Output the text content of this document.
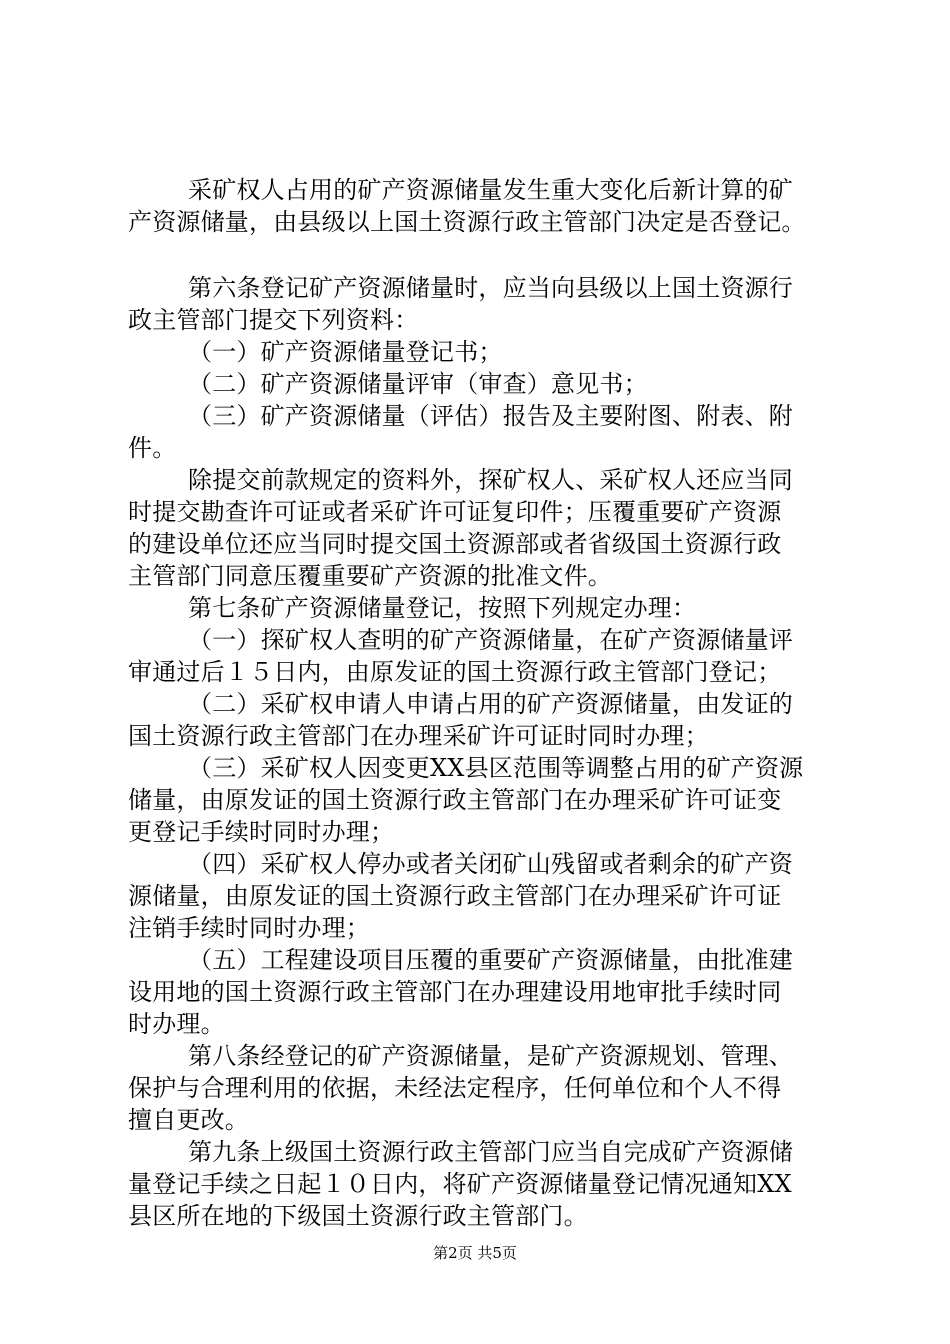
采矿权人占用的矿产资源储量发生重大变化后新计算的矿
产资源储量，由县级以上国土资源行政主管部门决定是否登记。
第六条登记矿产资源储量时，应当向县级以上国土资源行
政主管部门提交下列资料：
（一）矿产资源储量登记书；
（二）矿产资源储量评审（审查）意见书；
（三）矿产资源储量（评估）报告及主要附图、附表、附
件。
除提交前款规定的资料外，探矿权人、采矿权人还应当同
时提交勘查许可证或者采矿许可证复印件；压覆重要矿产资源
的建设单位还应当同时提交国土资源部或者省级国土资源行政
主管部门同意压覆重要矿产资源的批准文件。
第七条矿产资源储量登记，按照下列规定办理：
（一）探矿权人查明的矿产资源储量，在矿产资源储量评
审通过后１５日内，由原发证的国土资源行政主管部门登记；
（二）采矿权申请人申请占用的矿产资源储量，由发证的
国土资源行政主管部门在办理采矿许可证时同时办理；
（三）采矿权人因变更XX县区范围等调整占用的矿产资源
储量，由原发证的国土资源行政主管部门在办理采矿许可证变
更登记手续时同时办理；
（四）采矿权人停办或者关闭矿山残留或者剩余的矿产资
源储量，由原发证的国土资源行政主管部门在办理采矿许可证
注销手续时同时办理；
（五）工程建设项目压覆的重要矿产资源储量，由批准建
设用地的国土资源行政主管部门在办理建设用地审批手续时同
时办理。
第八条经登记的矿产资源储量，是矿产资源规划、管理、
保护与合理利用的依据，未经法定程序，任何单位和个人不得
擅自更改。
第九条上级国土资源行政主管部门应当自完成矿产资源储
量登记手续之日起１０日内，将矿产资源储量登记情况通知XX
县区所在地的下级国土资源行政主管部门。
第2页 共5页
